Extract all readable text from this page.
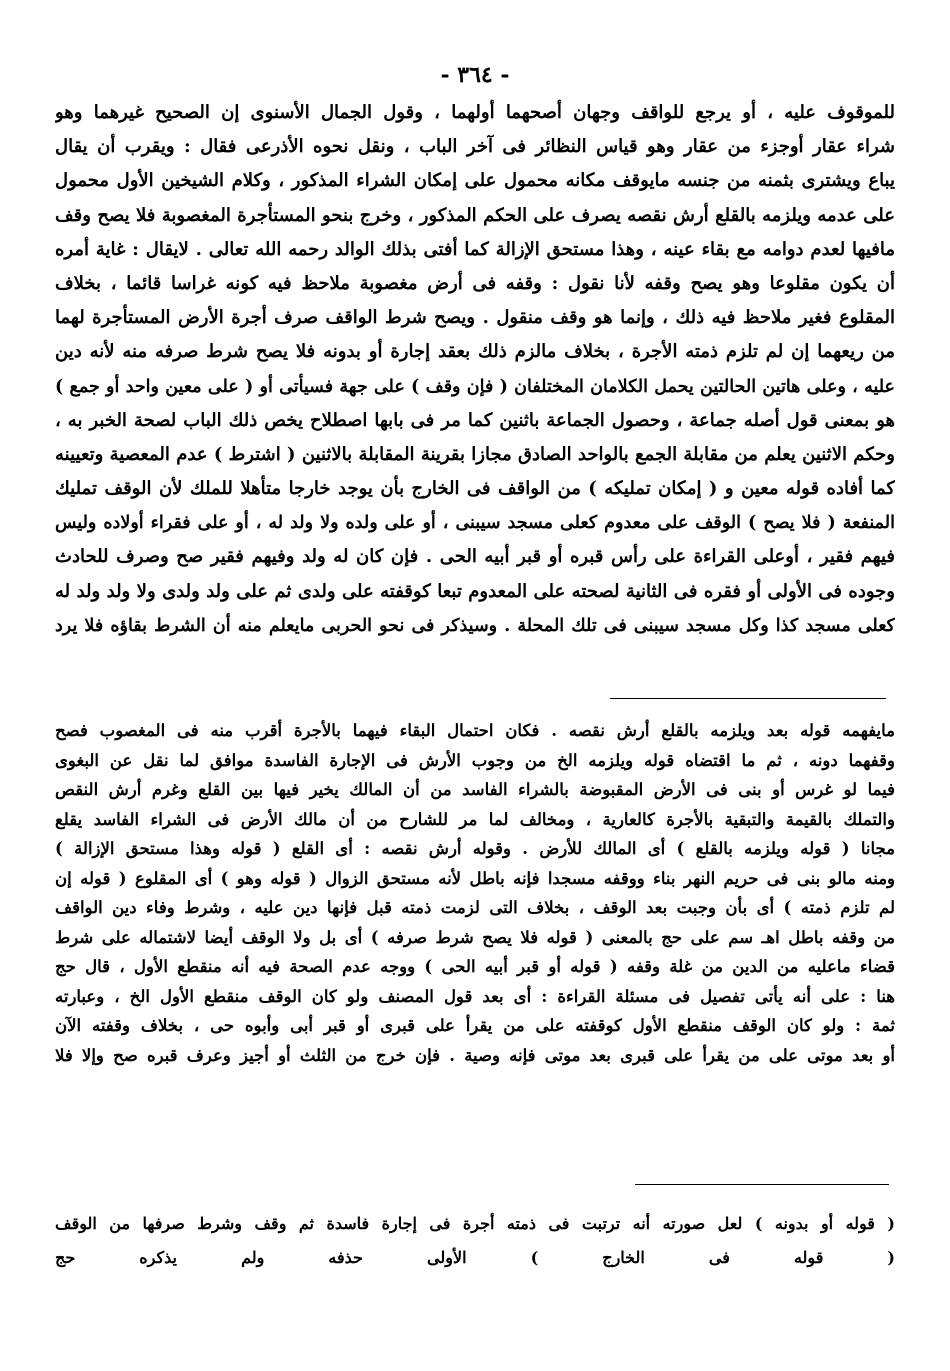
- ٣٦٤ -
للموقوف عليه ، أو يرجع للواقف وجهان أصحهما أولهما ، وقول الجمال الأسنوى إن الصحيح غيرهما وهو
شراء عقار أوجزء من عقار وهو قياس النظائر فى آخر الباب ، ونقل نحوه الأذرعى فقال : ويقرب أن يقال
يباع ويشترى بثمنه من جنسه مايوقف مكانه محمول على إمكان الشراء المذكور ، وكلام الشيخين الأول محمول
على عدمه ويلزمه بالقلع أرش نقصه يصرف على الحكم المذكور ، وخرج بنحو المستأجرة المغصوبة فلا يصح وقف
مافيها لعدم دوامه مع بقاء عينه ، وهذا مستحق الإزالة كما أفتى بذلك الوالد رحمه الله تعالى . لايقال : غاية أمره
أن يكون مقلوعا وهو يصح وقفه لأنا نقول : وقفه فى أرض مغصوبة ملاحظ فيه كونه غراسا قائما ، بخلاف
المقلوع فغير ملاحظ فيه ذلك ، وإنما هو وقف منقول . ويصح شرط الواقف صرف أجرة الأرض المستأجرة لهما
من ريعهما إن لم تلزم ذمته الأجرة ، بخلاف مالزم ذلك بعقد إجارة أو بدونه فلا يصح شرط صرفه منه لأنه دين
عليه ، وعلى هاتين الحالتين يحمل الكلامان المختلفان ( فإن وقف ) على جهة فسيأتى أو ( على معين واحد أو جمع )
هو بمعنى قول أصله جماعة ، وحصول الجماعة باثنين كما مر فى بابها اصطلاح يخص ذلك الباب لصحة الخبر به ،
وحكم الاثنين يعلم من مقابلة الجمع بالواحد الصادق مجازا بقرينة المقابلة بالاثنين ( اشترط ) عدم المعصية وتعيينه
كما أفاده قوله معين و ( إمكان تمليكه ) من الواقف فى الخارج بأن يوجد خارجا متأهلا للملك لأن الوقف تمليك
المنفعة ( فلا يصح ) الوقف على معدوم كعلى مسجد سيبنى ، أو على ولده ولا ولد له ، أو على فقراء أولاده وليس
فيهم فقير ، أوعلى القراءة على رأس قبره أو قبر أبيه الحى . فإن كان له ولد وفيهم فقير صح وصرف للحادث
وجوده فى الأولى أو فقره فى الثانية لصحته على المعدوم تبعا كوقفته على ولدى ثم على ولد ولدى ولا ولد ولد له
كعلى مسجد كذا وكل مسجد سيبنى فى تلك المحلة . وسيذكر فى نحو الحربى مايعلم منه أن الشرط بقاؤه فلا يرد
مايفهمه قوله بعد ويلزمه بالقلع أرش نقصه . فكان احتمال البقاء فيهما بالأجرة أقرب منه فى المغصوب فصح
وقفهما دونه ، ثم ما اقتضاه قوله ويلزمه الخ من وجوب الأرش فى الإجارة الفاسدة موافق لما نقل عن البغوى
فيما لو غرس أو بنى فى الأرض المقبوضة بالشراء الفاسد من أن المالك يخير فيها بين القلع وغرم أرش النقص
والتملك بالقيمة والتبقية بالأجرة كالعارية ، ومخالف لما مر للشارح من أن مالك الأرض فى الشراء الفاسد يقلع
مجانا ( قوله ويلزمه بالقلع ) أى المالك للأرض . وقوله أرش نقصه : أى القلع ( قوله وهذا مستحق الإزالة )
ومنه مالو بنى فى حريم النهر بناء ووقفه مسجدا فإنه باطل لأنه مستحق الزوال ( قوله وهو ) أى المقلوع ( قوله إن
لم تلزم ذمته ) أى بأن وجبت بعد الوقف ، بخلاف التى لزمت ذمته قبل فإنها دين عليه ، وشرط وفاء دين الواقف
من وقفه باطل اهـ سم على حج بالمعنى ( قوله فلا يصح شرط صرفه ) أى بل ولا الوقف أيضا لاشتماله على شرط
قضاء ماعليه من الدين من غلة وقفه ( قوله أو قبر أبيه الحى ) ووجه عدم الصحة فيه أنه منقطع الأول ، قال حج
هنا : على أنه يأتى تفصيل فى مسئلة القراءة : أى بعد قول المصنف ولو كان الوقف منقطع الأول الخ ، وعبارته
ثمة : ولو كان الوقف منقطع الأول كوقفته على من يقرأ على قبرى أو قبر أبى وأبوه حى ، بخلاف وقفته الآن
أو بعد موتى على من يقرأ على قبرى بعد موتى فإنه وصية . فإن خرج من الثلث أو أجيز وعرف قبره صح وإلا فلا
( قوله أو بدونه ) لعل صورته أنه ترتبت فى ذمته أجرة فى إجارة فاسدة ثم وقف وشرط صرفها من الوقف
( قوله فى الخارج ) الأولى حذفه ولم يذكره حج
